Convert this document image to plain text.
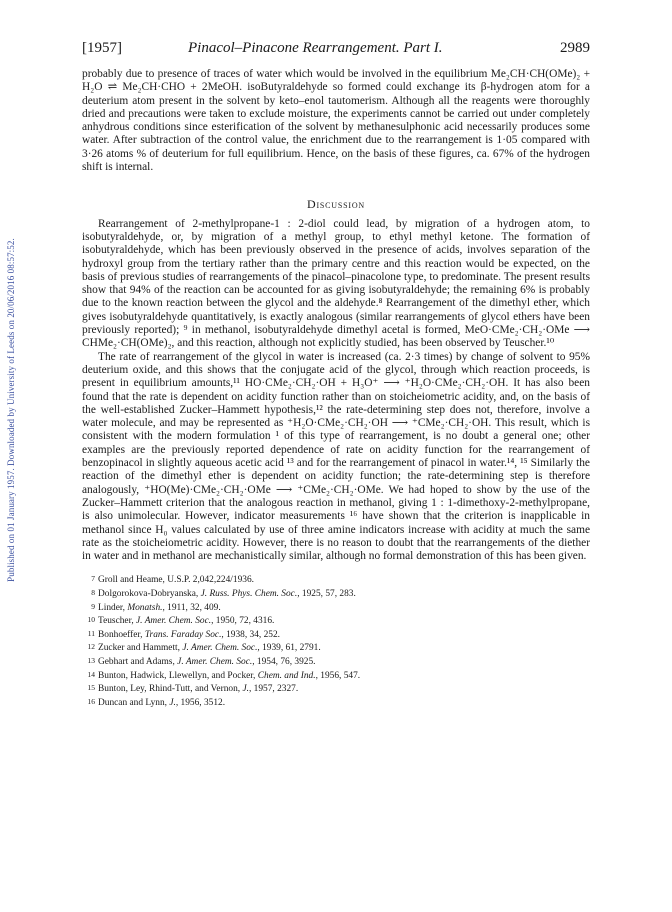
Published on 01 January 1957. Downloaded by University of Leeds on 20/06/2016 08:57:52.
[1957]	Pinacol–Pinacone Rearrangement. Part I.	2989

probably due to presence of traces of water which would be involved in the equilibrium Me₂CH·CH(OMe)₂ + H₂O ⇌ Me₂CH·CHO + 2MeOH. isoButyraldehyde so formed could exchange its β-hydrogen atom for a deuterium atom present in the solvent by keto–enol tautomerism. Although all the reagents were thoroughly dried and precautions were taken to exclude moisture, the experiments cannot be carried out under completely anhydrous conditions since esterification of the solvent by methanesulphonic acid necessarily produces some water. After subtraction of the control value, the enrichment due to the rearrangement is 1·05 compared with 3·26 atoms % of deuterium for full equilibrium. Hence, on the basis of these figures, ca. 67% of the hydrogen shift is internal.

Discussion

Rearrangement of 2-methylpropane-1 : 2-diol could lead, by migration of a hydrogen atom, to isobutyraldehyde, or, by migration of a methyl group, to ethyl methyl ketone. The formation of isobutyraldehyde, which has been previously observed in the presence of acids, involves separation of the hydroxyl group from the tertiary rather than the primary centre and this reaction would be expected, on the basis of previous studies of rearrangements of the pinacol–pinacolone type, to predominate. The present results show that 94% of the reaction can be accounted for as giving isobutyraldehyde; the remaining 6% is probably due to the known reaction between the glycol and the aldehyde.⁸ Rearrangement of the dimethyl ether, which gives isobutyraldehyde quantitatively, is exactly analogous (similar rearrangements of glycol ethers have been previously reported); ⁹ in methanol, isobutyraldehyde dimethyl acetal is formed, MeO·CMe₂·CH₂·OMe ⟶ CHMe₂·CH(OMe)₂, and this reaction, although not explicitly studied, has been observed by Teuscher.¹⁰

The rate of rearrangement of the glycol in water is increased (ca. 2·3 times) by change of solvent to 95% deuterium oxide, and this shows that the conjugate acid of the glycol, through which reaction proceeds, is present in equilibrium amounts,¹¹ HO·CMe₂·CH₂·OH + H₃O⁺ ⟶ ⁺H₂O·CMe₂·CH₂·OH. It has also been found that the rate is dependent on acidity function rather than on stoicheiometric acidity, and, on the basis of the well-established Zucker–Hammett hypothesis,¹² the rate-determining step does not, therefore, involve a water molecule, and may be represented as ⁺H₂O·CMe₂·CH₂·OH ⟶ ⁺CMe₂·CH₂·OH. This result, which is consistent with the modern formulation ¹ of this type of rearrangement, is no doubt a general one; other examples are the previously reported dependence of rate on acidity function for the rearrangement of benzopinacol in slightly aqueous acetic acid ¹³ and for the rearrangement of pinacol in water.¹⁴, ¹⁵ Similarly the reaction of the dimethyl ether is dependent on acidity function; the rate-determining step is therefore analogously, ⁺HO(Me)·CMe₂·CH₂·OMe ⟶ ⁺CMe₂·CH₂·OMe. We had hoped to show by the use of the Zucker–Hammett criterion that the analogous reaction in methanol, giving 1 : 1-dimethoxy-2-methylpropane, is also unimolecular. However, indicator measurements ¹⁶ have shown that the criterion is inapplicable in methanol since H₀ values calculated by use of three amine indicators increase with acidity at much the same rate as the stoicheiometric acidity. However, there is no reason to doubt that the rearrangements of the diether in water and in methanol are mechanistically similar, although no formal demonstration of this has been given.

7 Groll and Heame, U.S.P. 2,042,224/1936.
8 Dolgorokova-Dobryanska, J. Russ. Phys. Chem. Soc., 1925, 57, 283.
9 Linder, Monatsh., 1911, 32, 409.
10 Teuscher, J. Amer. Chem. Soc., 1950, 72, 4316.
11 Bonhoeffer, Trans. Faraday Soc., 1938, 34, 252.
12 Zucker and Hammett, J. Amer. Chem. Soc., 1939, 61, 2791.
13 Gebhart and Adams, J. Amer. Chem. Soc., 1954, 76, 3925.
14 Bunton, Hadwick, Llewellyn, and Pocker, Chem. and Ind., 1956, 547.
15 Bunton, Ley, Rhind-Tutt, and Vernon, J., 1957, 2327.
16 Duncan and Lynn, J., 1956, 3512.
